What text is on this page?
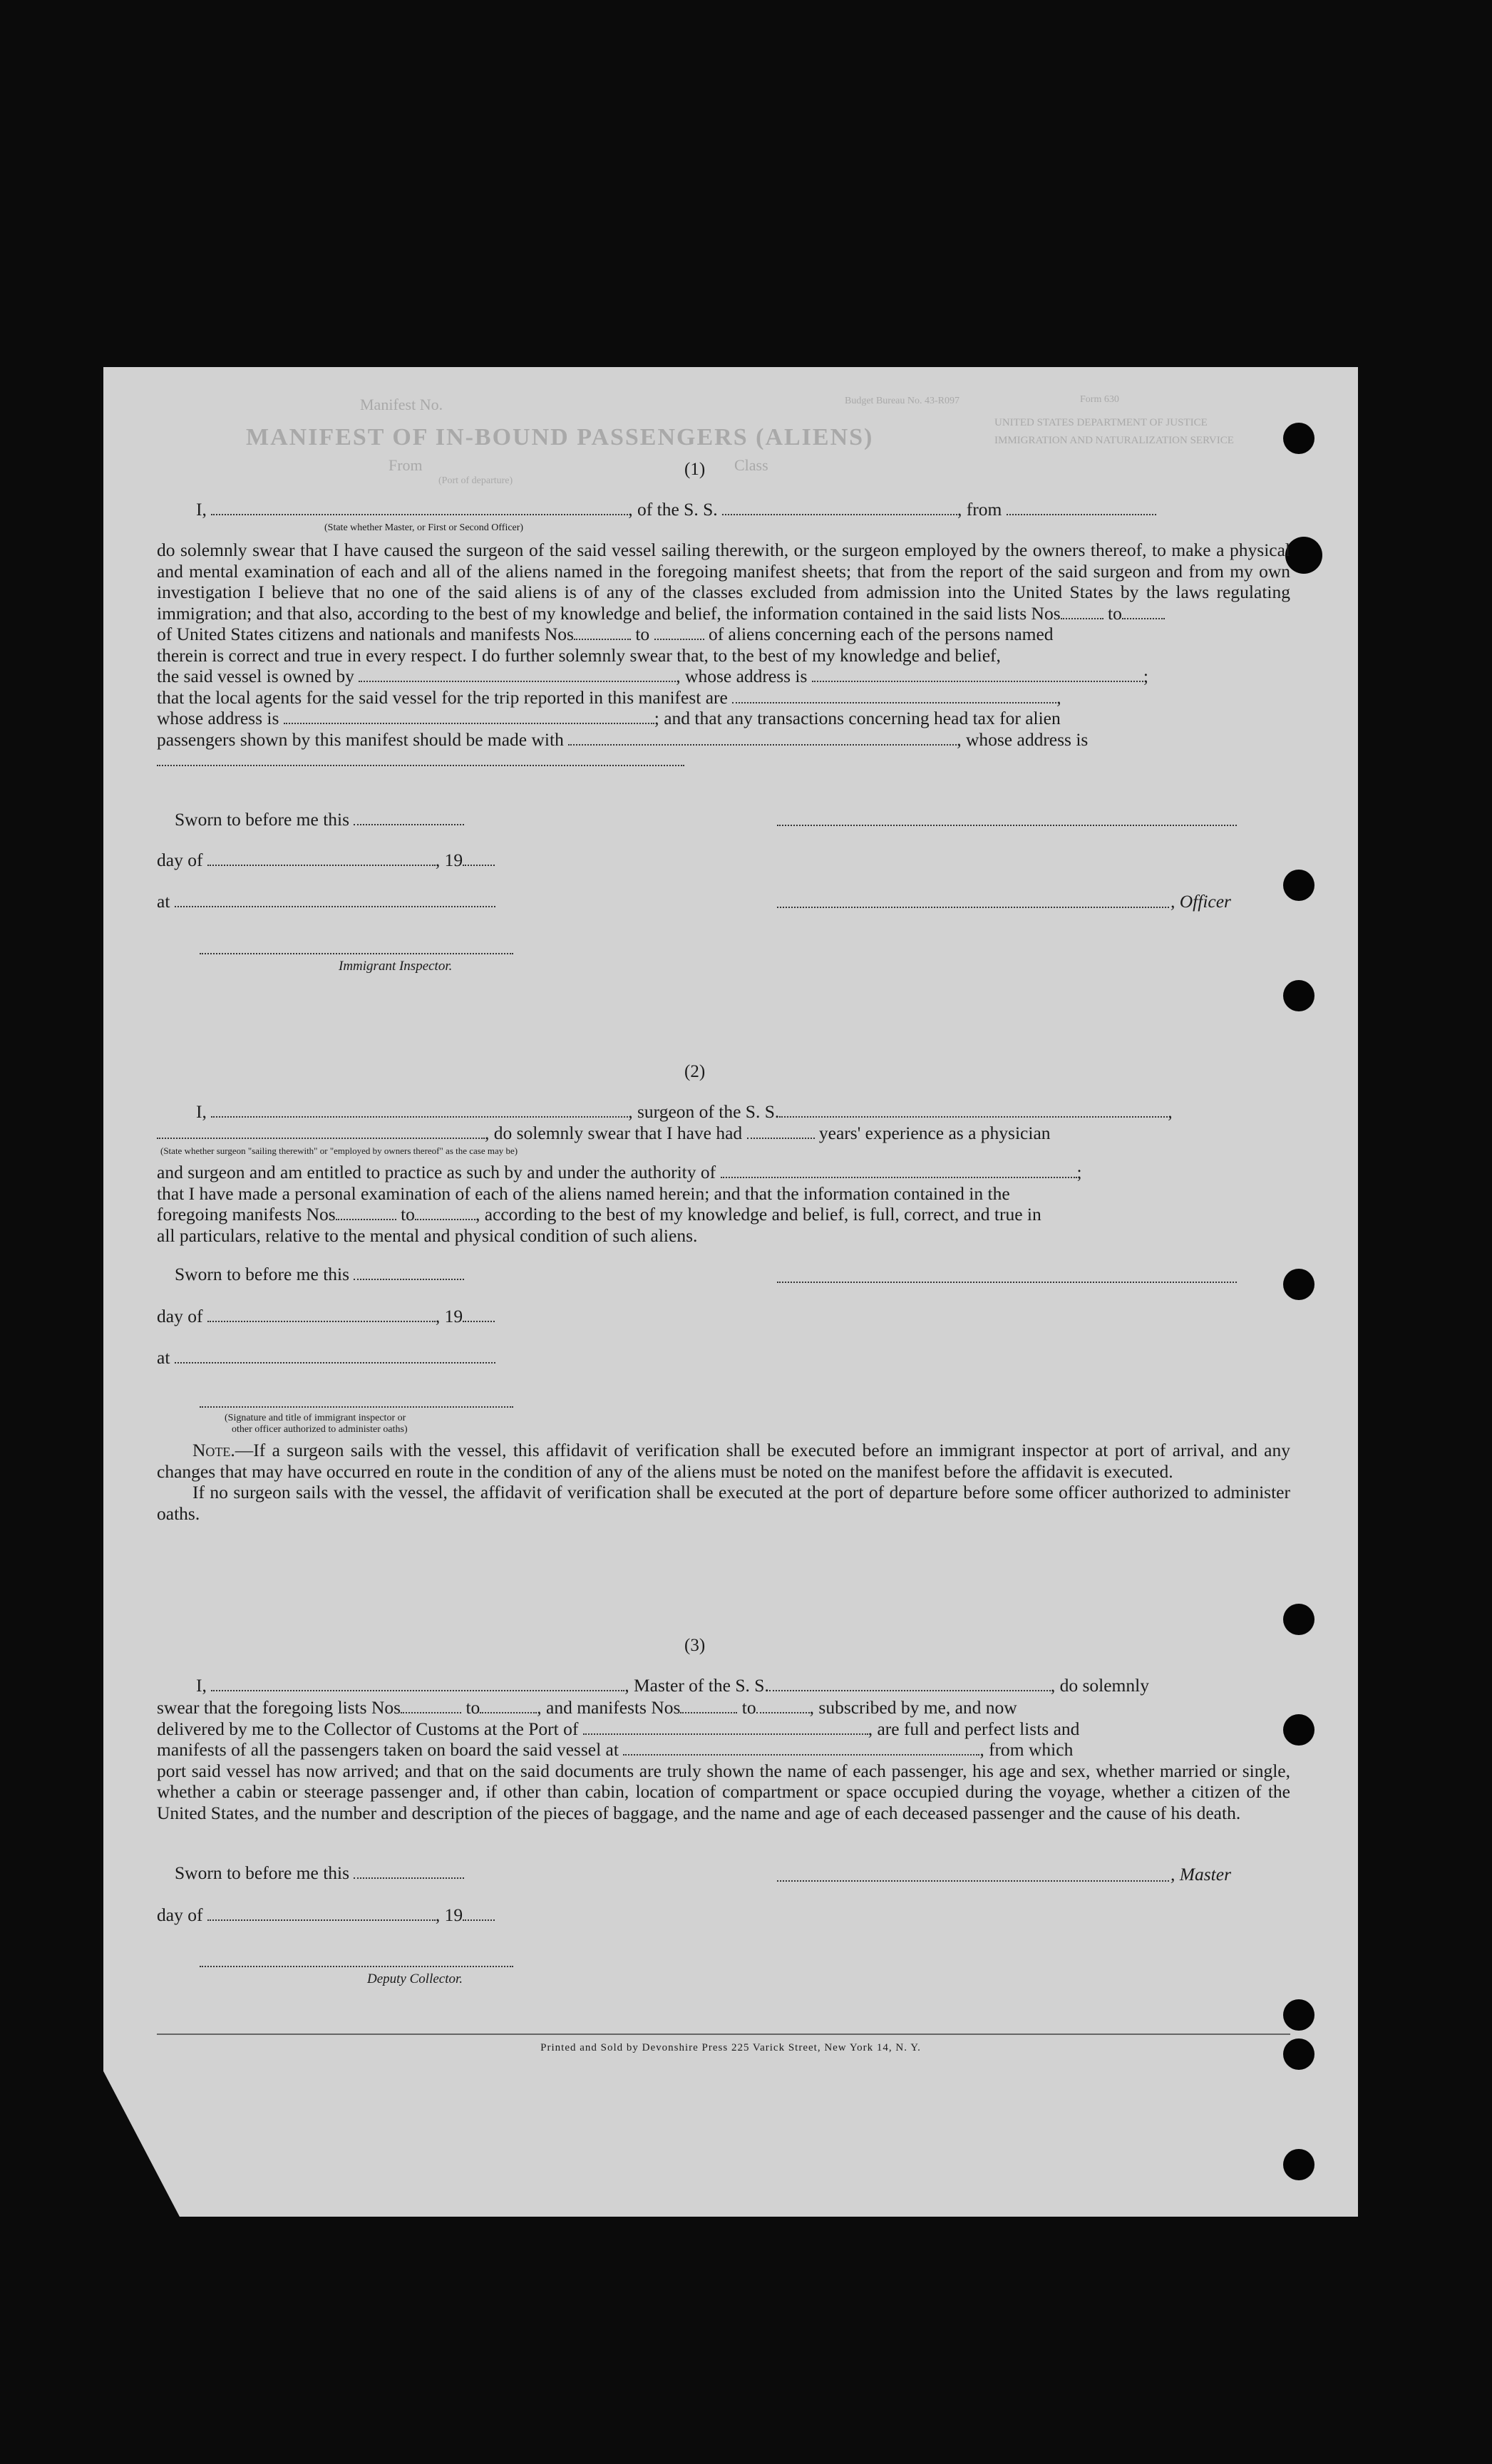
Manifest No.
MANIFEST OF IN-BOUND PASSENGERS (ALIENS)
From
(Port of departure)
Class
Budget Bureau No. 43-R097	Form 630
UNITED STATES DEPARTMENT OF JUSTICE
IMMIGRATION AND NATURALIZATION SERVICE
(1)
I,	, of the S. S.	, from
(State whether Master, or First or Second Officer)
do solemnly swear that I have caused the surgeon of the said vessel sailing therewith, or the surgeon employed by the owners thereof, to make a physical and mental examination of each and all of the aliens named in the foregoing manifest sheets; that from the report of the said surgeon and from my own investigation I believe that no one of the said aliens is of any of the classes excluded from admission into the United States by the laws regulating immigration; and that also, according to the best of my knowledge and belief, the information contained in the said lists Nos	to
of United States citizens and nationals and manifests Nos	to	of aliens concerning each of the persons named
therein is correct and true in every respect. I do further solemnly swear that, to the best of my knowledge and belief,
the said vessel is owned by	, whose address is	;
that the local agents for the said vessel for the trip reported in this manifest are	,
whose address is	; and that any transactions concerning head tax for alien
passengers shown by this manifest should be made with	, whose address is

Sworn to before me this
day of	, 19
at	, Officer
Immigrant Inspector.
(2)
I,	, surgeon of the S. S.	,
, do solemnly swear that I have had	years' experience as a physician
(State whether surgeon "sailing therewith" or "employed by owners thereof" as the case may be)
and surgeon and am entitled to practice as such by and under the authority of	;
that I have made a personal examination of each of the aliens named herein; and that the information contained in the
foregoing manifests Nos	to	, according to the best of my knowledge and belief, is full, correct, and true in
all particulars, relative to the mental and physical condition of such aliens.
Sworn to before me this
day of	, 19
at
(Signature and title of immigrant inspector or
other officer authorized to administer oaths)
Note.—If a surgeon sails with the vessel, this affidavit of verification shall be executed before an immigrant inspector at port of arrival, and any changes that may have occurred en route in the condition of any of the aliens must be noted on the manifest before the affidavit is executed.
If no surgeon sails with the vessel, the affidavit of verification shall be executed at the port of departure before some officer authorized to administer oaths.
(3)
I,	, Master of the S. S.	, do solemnly
swear that the foregoing lists Nos	to	, and manifests Nos	to	, subscribed by me, and now
delivered by me to the Collector of Customs at the Port of	, are full and perfect lists and
manifests of all the passengers taken on board the said vessel at	, from which
port said vessel has now arrived; and that on the said documents are truly shown the name of each passenger, his age and sex, whether married or single, whether a cabin or steerage passenger and, if other than cabin, location of compartment or space occupied during the voyage, whether a citizen of the United States, and the number and description of the pieces of baggage, and the name and age of each deceased passenger and the cause of his death.
Sworn to before me this	, Master
day of	, 19
Deputy Collector.
Printed and Sold by Devonshire Press 225 Varick Street, New York 14, N. Y.
